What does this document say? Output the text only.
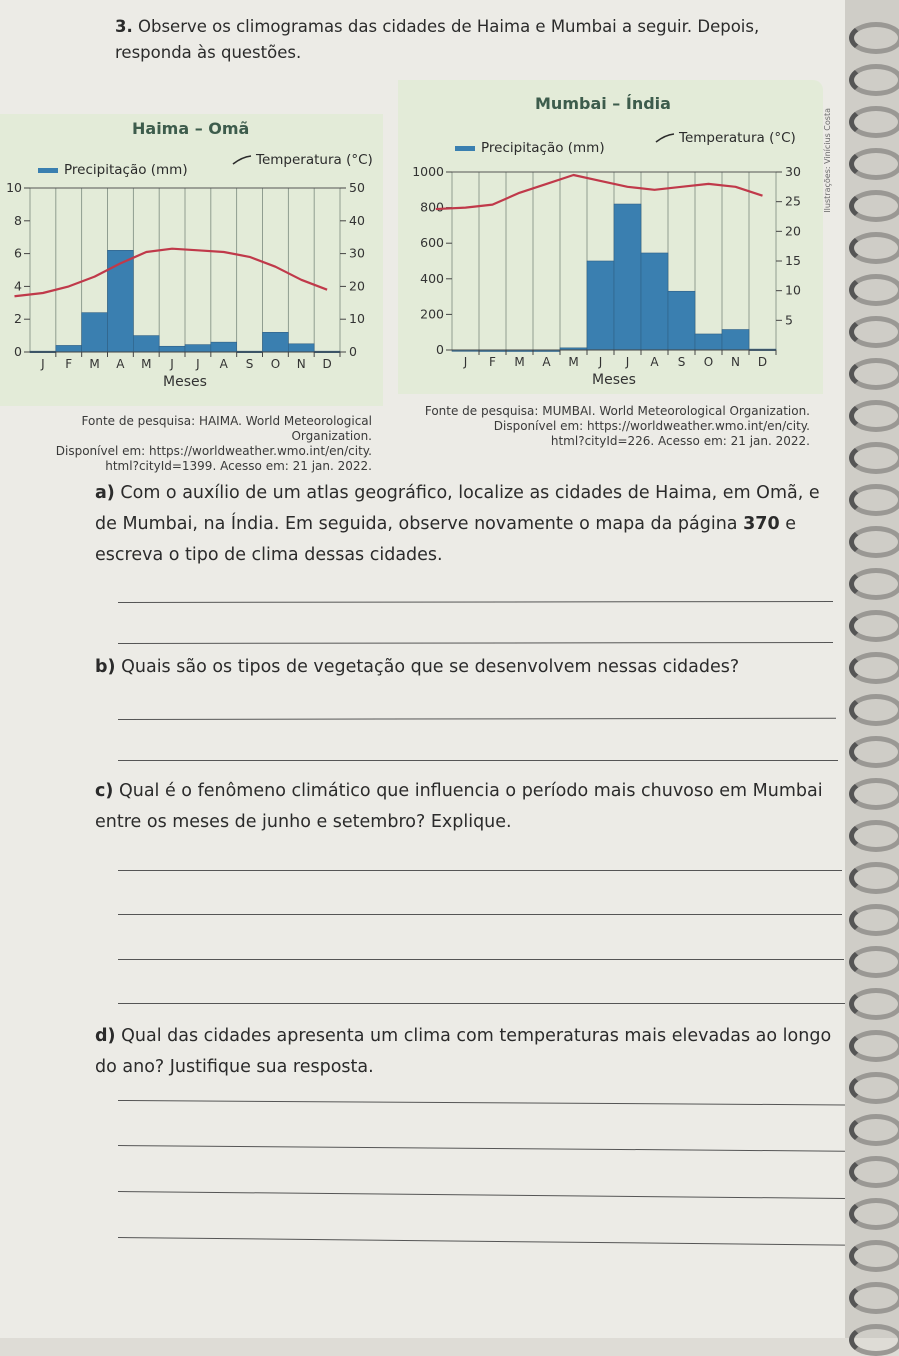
3. Observe os climogramas das cidades de Haima e Mumbai a seguir. Depois, responda às questões.
Haima – Omã
Precipitação (mm)
Temperatura (°C)
J F M A M J J A S O N D
0
2
4
6
8
10
0
10
20
30
40
50
Meses
Fonte de pesquisa: HAIMA. World Meteorological Organization.
Disponível em: https://worldweather.wmo.int/en/city.
html?cityId=1399. Acesso em: 21 jan. 2022.
Mumbai – Índia
Precipitação (mm)
Temperatura (°C)
J F M A M J J A S O N D
0
200
400
600
800
1000
5
10
15
20
25
30
Meses
Fonte de pesquisa: MUMBAI. World Meteorological Organization.
Disponível em: https://worldweather.wmo.int/en/city.
html?cityId=226. Acesso em: 21 jan. 2022.
Ilustrações: Vinícius Costa
a) Com o auxílio de um atlas geográfico, localize as cidades de Haima, em Omã, e de Mumbai, na Índia. Em seguida, observe novamente o mapa da página 370 e escreva o tipo de clima dessas cidades.
b) Quais são os tipos de vegetação que se desenvolvem nessas cidades?
c) Qual é o fenômeno climático que influencia o período mais chuvoso em Mumbai entre os meses de junho e setembro? Explique.
d) Qual das cidades apresenta um clima com temperaturas mais elevadas ao longo do ano? Justifique sua resposta.
